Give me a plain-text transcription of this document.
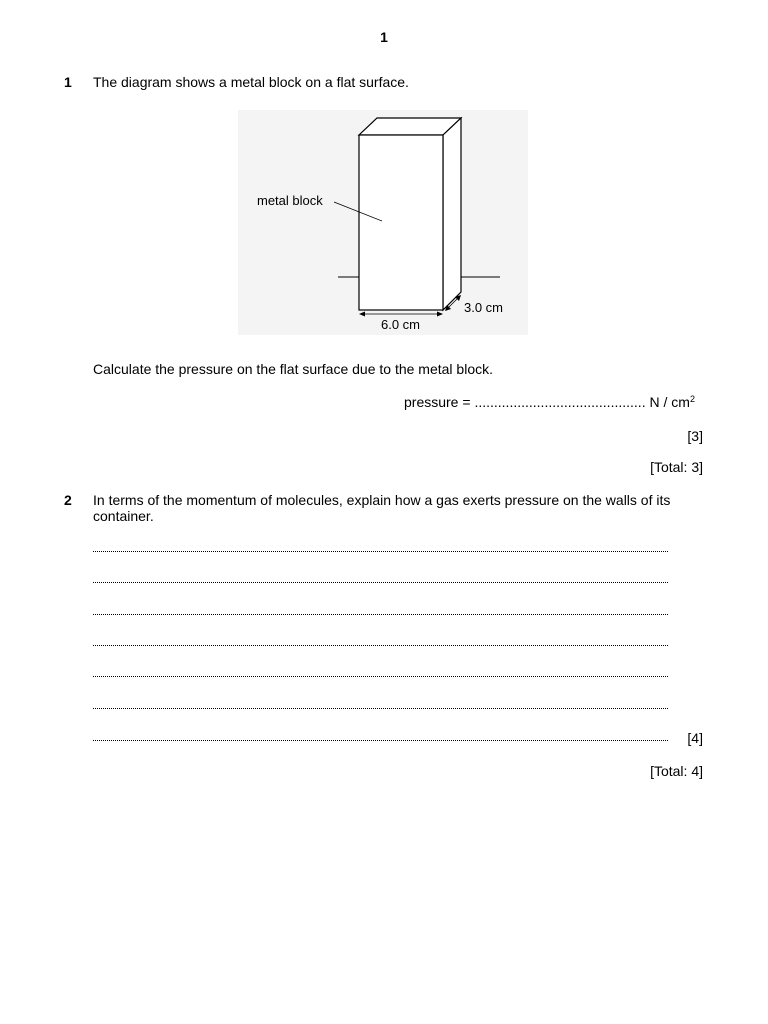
1
1 The diagram shows a metal block on a flat surface.
metal block
6.0 cm
3.0 cm
Calculate the pressure on the flat surface due to the metal block.
pressure = ............................................ N / $cm^2$
[3]
[Total: 3]
2 In terms of the momentum of molecules, explain how a gas exerts pressure on the walls of its container.
[4]
[Total: 4]
